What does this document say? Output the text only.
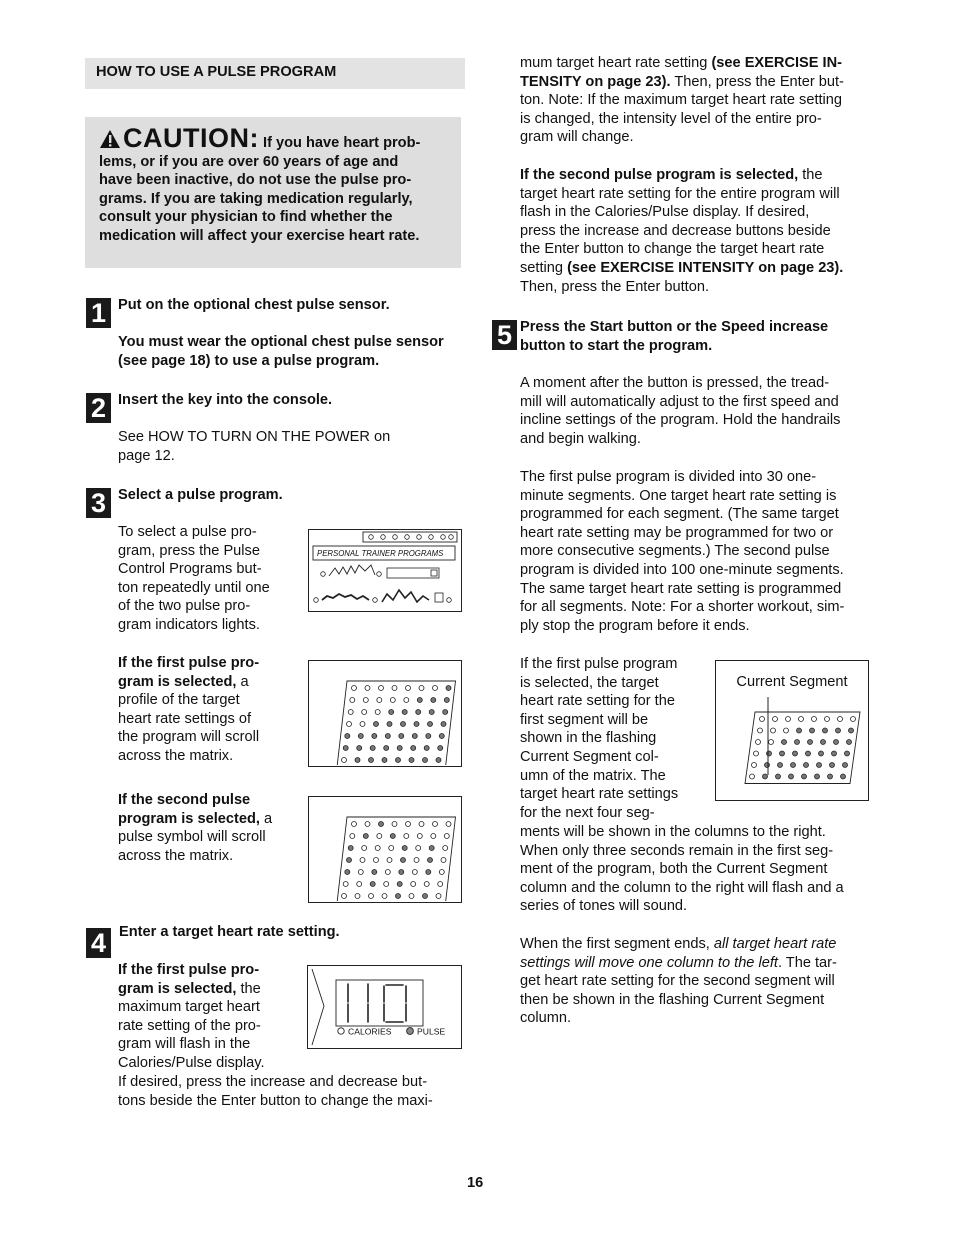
HOW TO USE A PULSE PROGRAM
CAUTION: If you have heart prob-
lems, or if you are over 60 years of age and
have been inactive, do not use the pulse pro-
grams. If you are taking medication regularly,
consult your physician to find whether the
medication will affect your exercise heart rate.
1 Put on the optional chest pulse sensor.
You must wear the optional chest pulse sensor
(see page 18) to use a pulse program.
2 Insert the key into the console.
See HOW TO TURN ON THE POWER on
page 12.
3 Select a pulse program.
To select a pulse pro-
gram, press the Pulse
Control Programs but-
ton repeatedly until one
of the two pulse pro-
gram indicators lights.
If the first pulse pro-
gram is selected, a
profile of the target
heart rate settings of
the program will scroll
across the matrix.
If the second pulse
program is selected, a
pulse symbol will scroll
across the matrix.
PERSONAL TRAINER PROGRAMS
4 Enter a target heart rate setting.
If the first pulse pro-
gram is selected, the
maximum target heart
rate setting of the pro-
gram will flash in the
Calories/Pulse display.
If desired, press the increase and decrease but-
tons beside the Enter button to change the maxi-
CALORIES	PULSE
mum target heart rate setting (see EXERCISE IN-
TENSITY on page 23). Then, press the Enter but-
ton. Note: If the maximum target heart rate setting
is changed, the intensity level of the entire pro-
gram will change.
If the second pulse program is selected, the
target heart rate setting for the entire program will
flash in the Calories/Pulse display. If desired,
press the increase and decrease buttons beside
the Enter button to change the target heart rate
setting (see EXERCISE INTENSITY on page 23).
Then, press the Enter button.
5 Press the Start button or the Speed increase
button to start the program.
A moment after the button is pressed, the tread-
mill will automatically adjust to the first speed and
incline settings of the program. Hold the handrails
and begin walking.
The first pulse program is divided into 30 one-
minute segments. One target heart rate setting is
programmed for each segment. (The same target
heart rate setting may be programmed for two or
more consecutive segments.) The second pulse
program is divided into 100 one-minute segments.
The same target heart rate setting is programmed
for all segments. Note: For a shorter workout, sim-
ply stop the program before it ends.
If the first pulse program
is selected, the target
heart rate setting for the
first segment will be
shown in the flashing
Current Segment col-
umn of the matrix. The
target heart rate settings
for the next four seg-
ments will be shown in the columns to the right.
When only three seconds remain in the first seg-
ment of the program, both the Current Segment
column and the column to the right will flash and a
series of tones will sound.
When the first segment ends, all target heart rate
settings will move one column to the left. The tar-
get heart rate setting for the second segment will
then be shown in the flashing Current Segment
column.
Current Segment
16
